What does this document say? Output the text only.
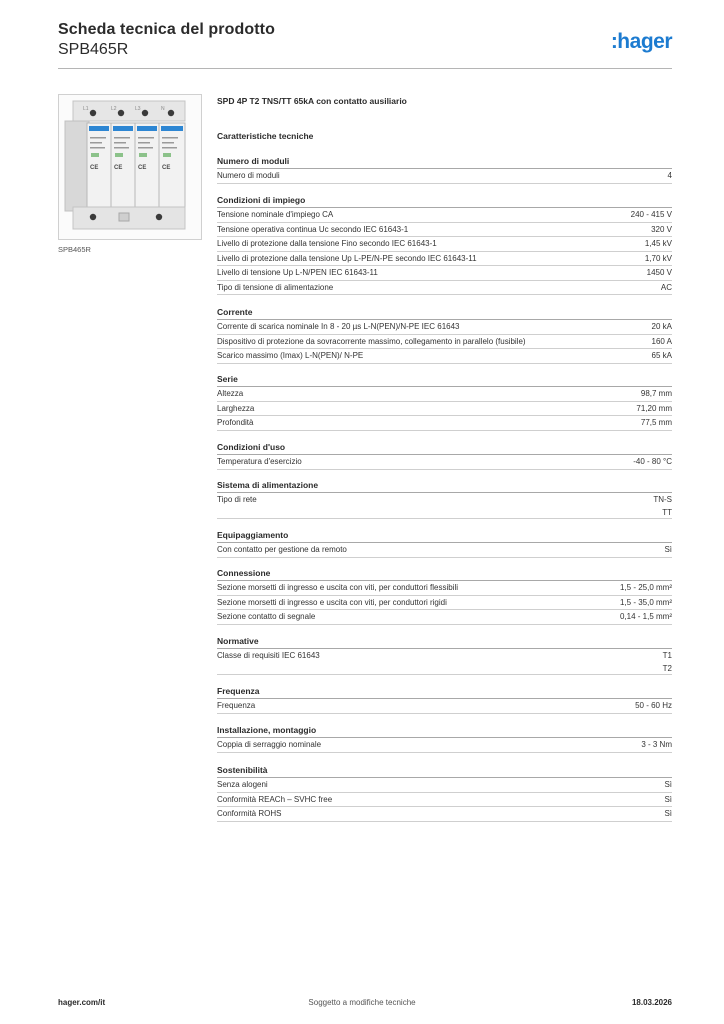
Scheda tecnica del prodotto
SPB465R	:hager
L1	L2	L3	N
CE	CE	CE	CE
SPB465R
SPD 4P T2 TNS/TT 65kA con contatto ausiliario
Caratteristiche tecniche
Numero di moduli
Numero di moduli	4
Condizioni di impiego
Tensione nominale d'impiego CA	240 - 415 V
Tensione operativa continua Uc secondo IEC 61643-1	320 V
Livello di protezione dalla tensione Fino secondo IEC 61643-1	1,45 kV
Livello di protezione dalla tensione Up L-PE/N-PE secondo IEC 61643-11	1,70 kV
Livello di tensione Up L-N/PEN IEC 61643-11	1450 V
Tipo di tensione di alimentazione	AC
Corrente
Corrente di scarica nominale In 8 - 20 µs L-N(PEN)/N-PE IEC 61643	20 kA
Dispositivo di protezione da sovracorrente massimo, collegamento in parallelo (fusibile)	160 A
Scarico massimo (Imax) L-N(PEN)/ N-PE	65 kA
Serie
Altezza	98,7 mm
Larghezza	71,20 mm
Profondità	77,5 mm
Condizioni d'uso
Temperatura d'esercizio	-40 - 80 °C
Sistema di alimentazione
Tipo di rete	TN-S
TT
Equipaggiamento
Con contatto per gestione da remoto	Sì
Connessione
Sezione morsetti di ingresso e uscita con viti, per conduttori flessibili	1,5 - 25,0 mm²
Sezione morsetti di ingresso e uscita con viti, per conduttori rigidi	1,5 - 35,0 mm²
Sezione contatto di segnale	0,14 - 1,5 mm²
Normative
Classe di requisiti IEC 61643	T1
T2
Frequenza
Frequenza	50 - 60 Hz
Installazione, montaggio
Coppia di serraggio nominale	3 - 3 Nm
Sostenibilità
Senza alogeni	Sì
Conformità REACh – SVHC free	Sì
Conformità ROHS	Sì
hager.com/it	Soggetto a modifiche tecniche	18.03.2026
